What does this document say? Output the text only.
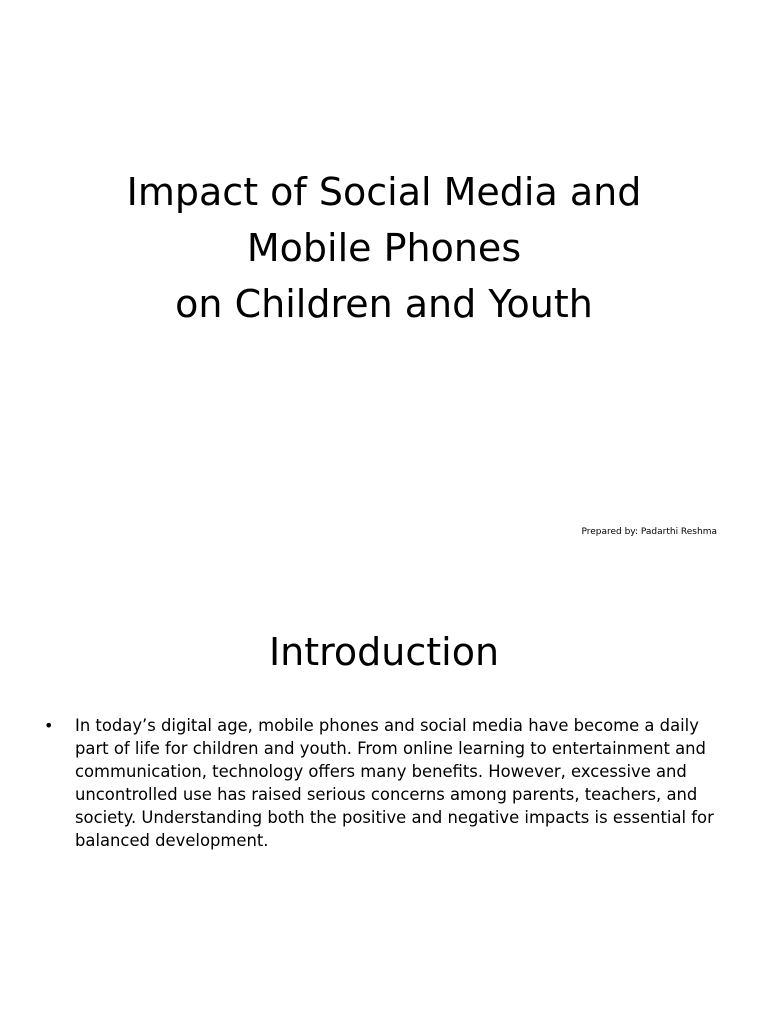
Impact of Social Media and
Mobile Phones
on Children and Youth

Prepared by: Padarthi Reshma

Introduction
• In today’s digital age, mobile phones and social media have become a daily part of life for children and youth. From online learning to entertainment and communication, technology offers many benefits. However, excessive and uncontrolled use has raised serious concerns among parents, teachers, and society. Understanding both the positive and negative impacts is essential for balanced development.
